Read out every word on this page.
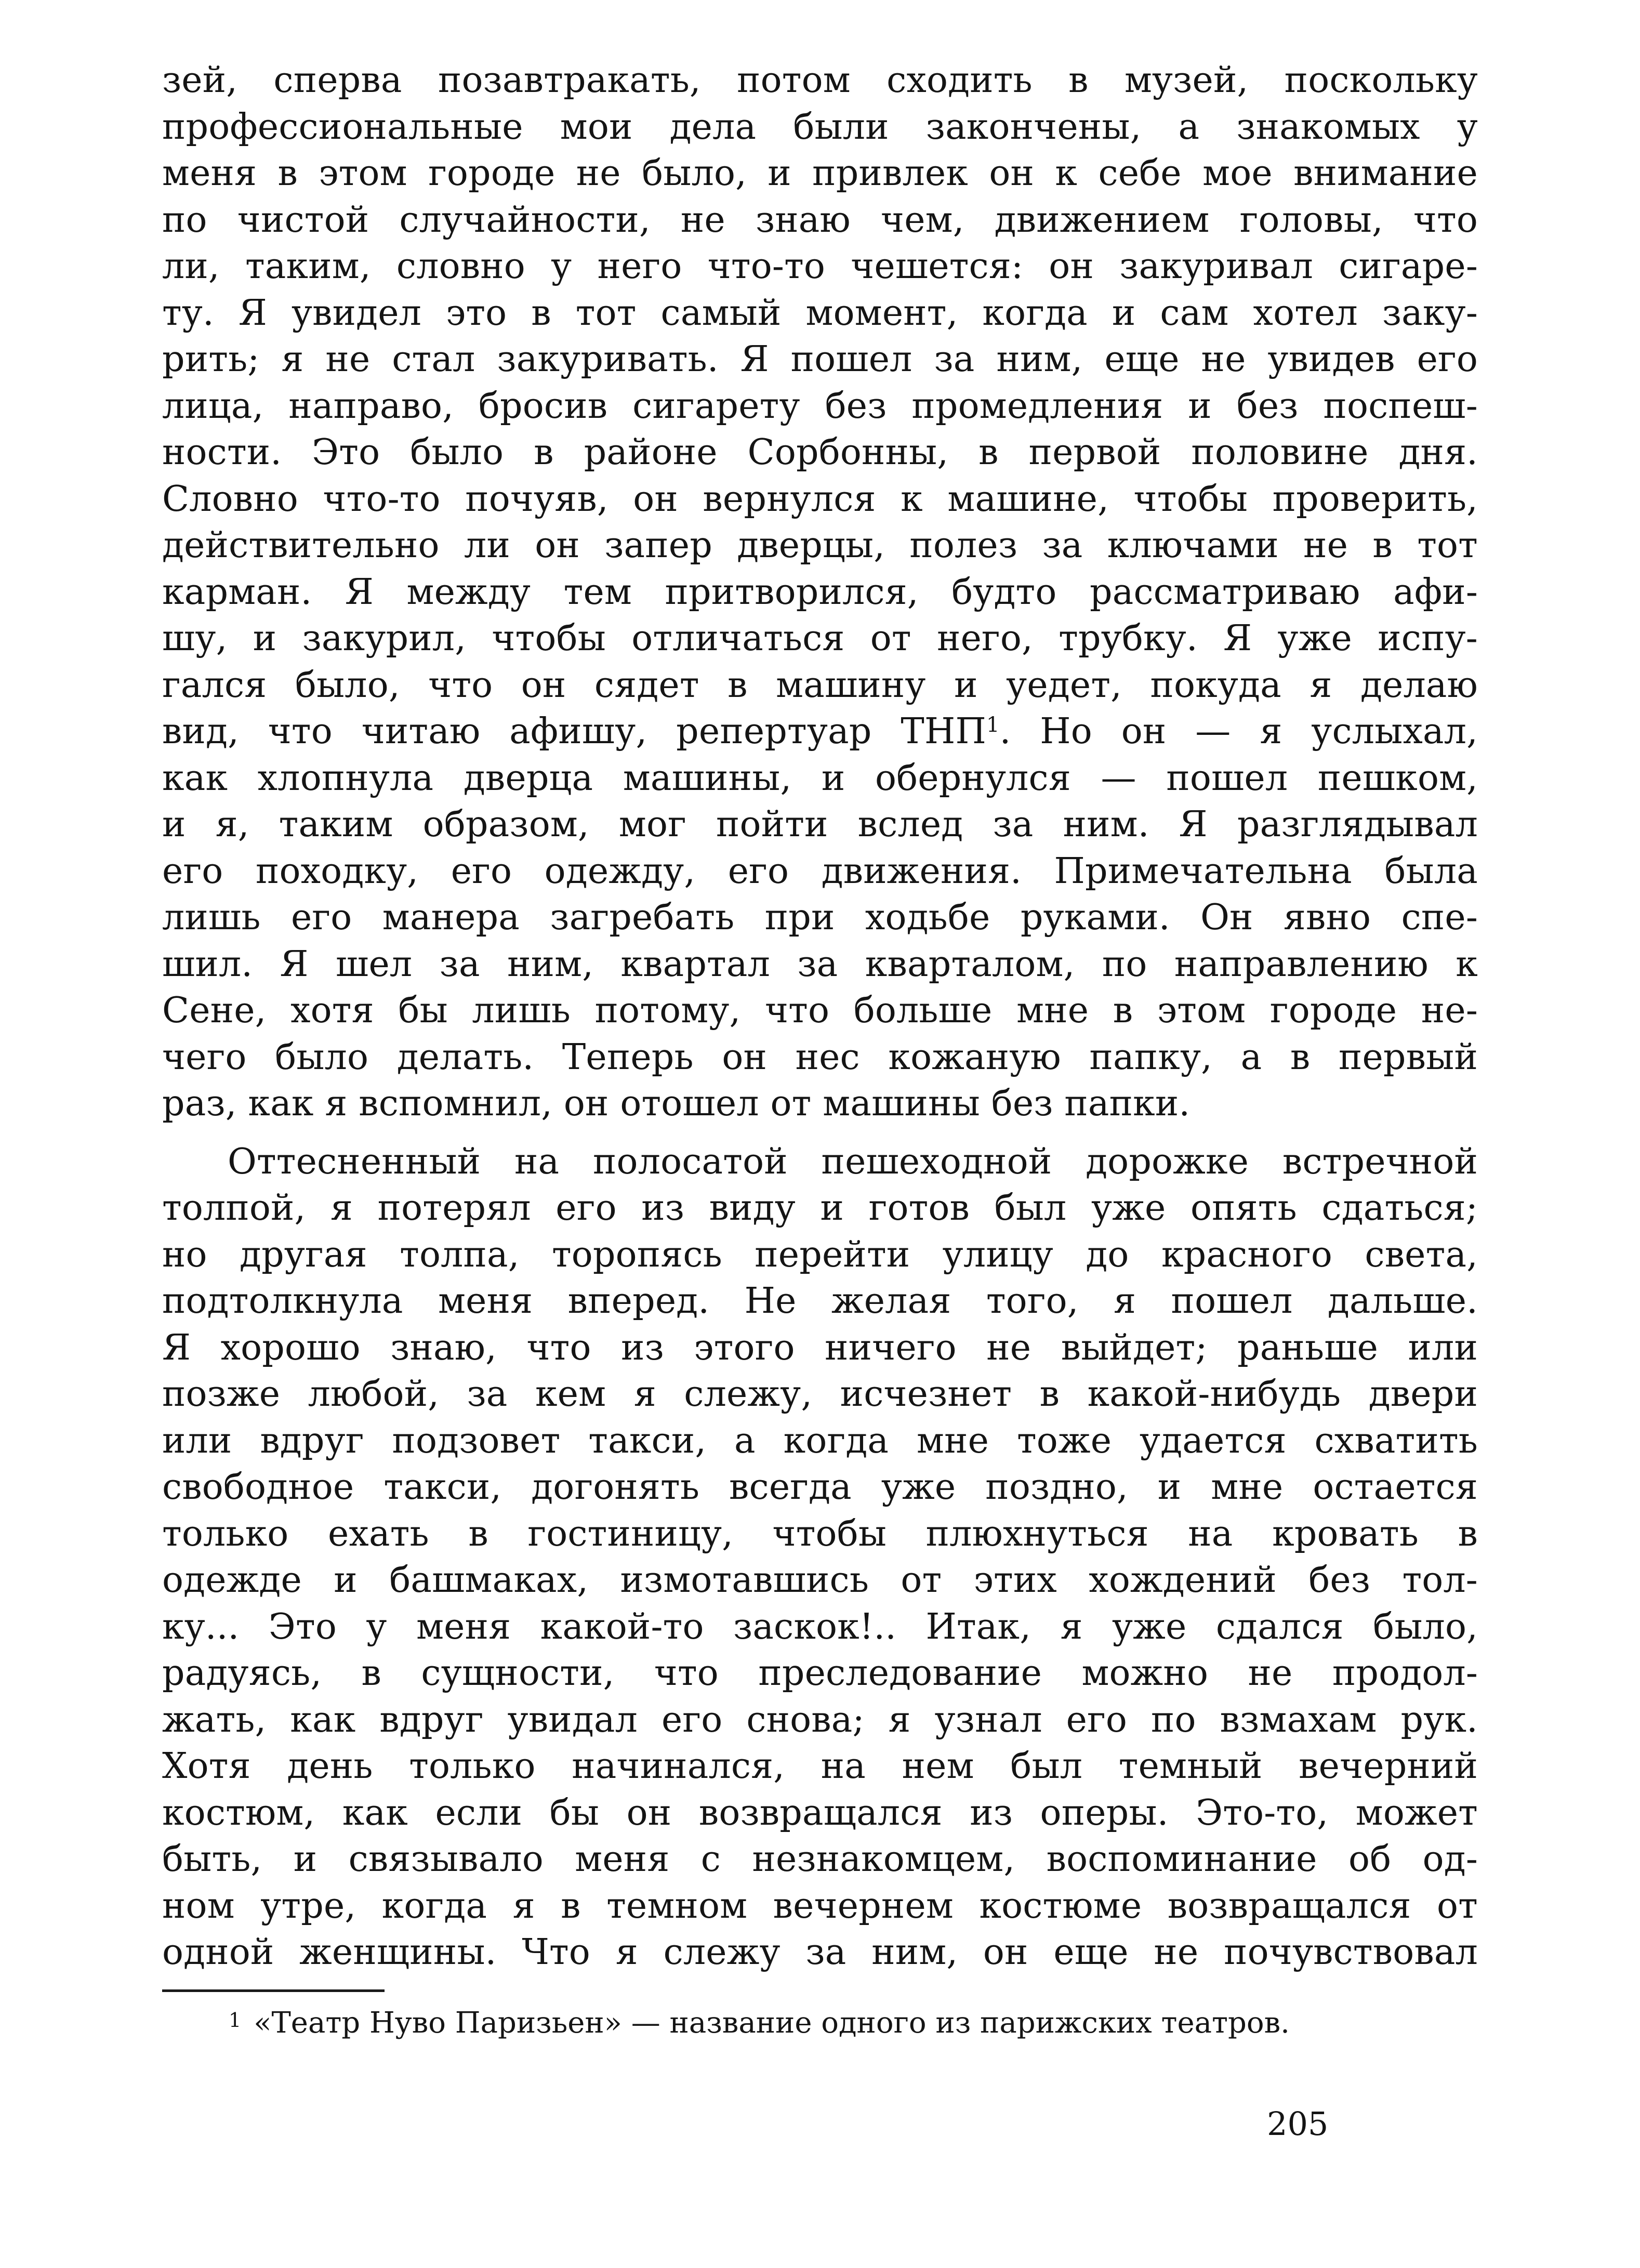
зей, сперва позавтракать, потом сходить в музей, поскольку
профессиональные мои дела были закончены, а знакомых у
меня в этом городе не было, и привлек он к себе мое внимание
по чистой случайности, не знаю чем, движением головы, что
ли, таким, словно у него что-то чешется: он закуривал сигаре-
ту. Я увидел это в тот самый момент, когда и сам хотел заку-
рить; я не стал закуривать. Я пошел за ним, еще не увидев его
лица, направо, бросив сигарету без промедления и без поспеш-
ности. Это было в районе Сорбонны, в первой половине дня.
Словно что-то почуяв, он вернулся к машине, чтобы проверить,
действительно ли он запер дверцы, полез за ключами не в тот
карман. Я между тем притворился, будто рассматриваю афи-
шу, и закурил, чтобы отличаться от него, трубку. Я уже испу-
гался было, что он сядет в машину и уедет, покуда я делаю
вид, что читаю афишу, репертуар ТНП$^1$. Но он — я услыхал,
как хлопнула дверца машины, и обернулся — пошел пешком,
и я, таким образом, мог пойти вслед за ним. Я разглядывал
его походку, его одежду, его движения. Примечательна была
лишь его манера загребать при ходьбе руками. Он явно спе-
шил. Я шел за ним, квартал за кварталом, по направлению к
Сене, хотя бы лишь потому, что больше мне в этом городе не-
чего было делать. Теперь он нес кожаную папку, а в первый
раз, как я вспомнил, он отошел от машины без папки.
Оттесненный на полосатой пешеходной дорожке встречной
толпой, я потерял его из виду и готов был уже опять сдаться;
но другая толпа, торопясь перейти улицу до красного света,
подтолкнула меня вперед. Не желая того, я пошел дальше.
Я хорошо знаю, что из этого ничего не выйдет; раньше или
позже любой, за кем я слежу, исчезнет в какой-нибудь двери
или вдруг подзовет такси, а когда мне тоже удается схватить
свободное такси, догонять всегда уже поздно, и мне остается
только ехать в гостиницу, чтобы плюхнуться на кровать в
одежде и башмаках, измотавшись от этих хождений без тол-
ку... Это у меня какой-то заскок!.. Итак, я уже сдался было,
радуясь, в сущности, что преследование можно не продол-
жать, как вдруг увидал его снова; я узнал его по взмахам рук.
Хотя день только начинался, на нем был темный вечерний
костюм, как если бы он возвращался из оперы. Это-то, может
быть, и связывало меня с незнакомцем, воспоминание об од-
ном утре, когда я в темном вечернем костюме возвращался от
одной женщины. Что я слежу за ним, он еще не почувствовал
$^1$ «Театр Нуво Паризьен» — название одного из парижских театров.
205
